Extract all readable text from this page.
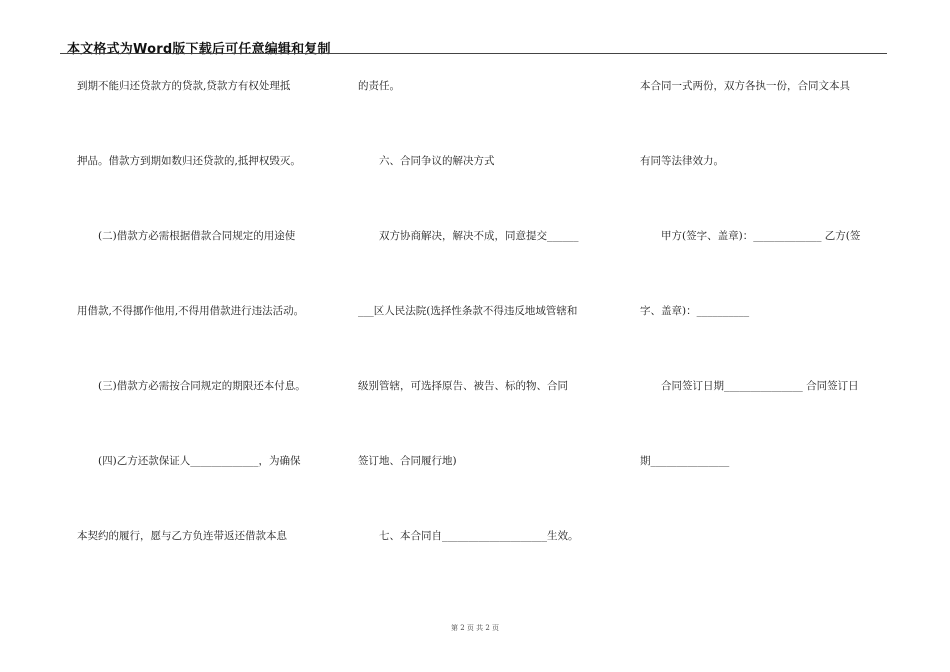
本文格式为Word版下载后可任意编辑和复制
到期不能归还贷款方的贷款,贷款方有权处理抵
押品。借款方到期如数归还贷款的,抵押权毁灭。
　　(二)借款方必需根据借款合同规定的用途使
用借款,不得挪作他用,不得用借款进行违法活动。
　　(三)借款方必需按合同规定的期限还本付息。
　　(四)乙方还款保证人_____________，为确保
本契约的履行，愿与乙方负连带返还借款本息
的责任。
　　六、合同争议的解决方式
　　双方协商解决，解决不成，同意提交______
___区人民法院(选择性条款不得违反地域管辖和
级别管辖，可选择原告、被告、标的物、合同
签订地、合同履行地)
　　七、本合同自____________________生效。
本合同一式两份，双方各执一份，合同文本具
有同等法律效力。
　　甲方(签字、盖章)：_____________ 乙方(签
字、盖章)：__________
　　合同签订日期_______________ 合同签订日
期_______________
第 2 页 共 2 页
